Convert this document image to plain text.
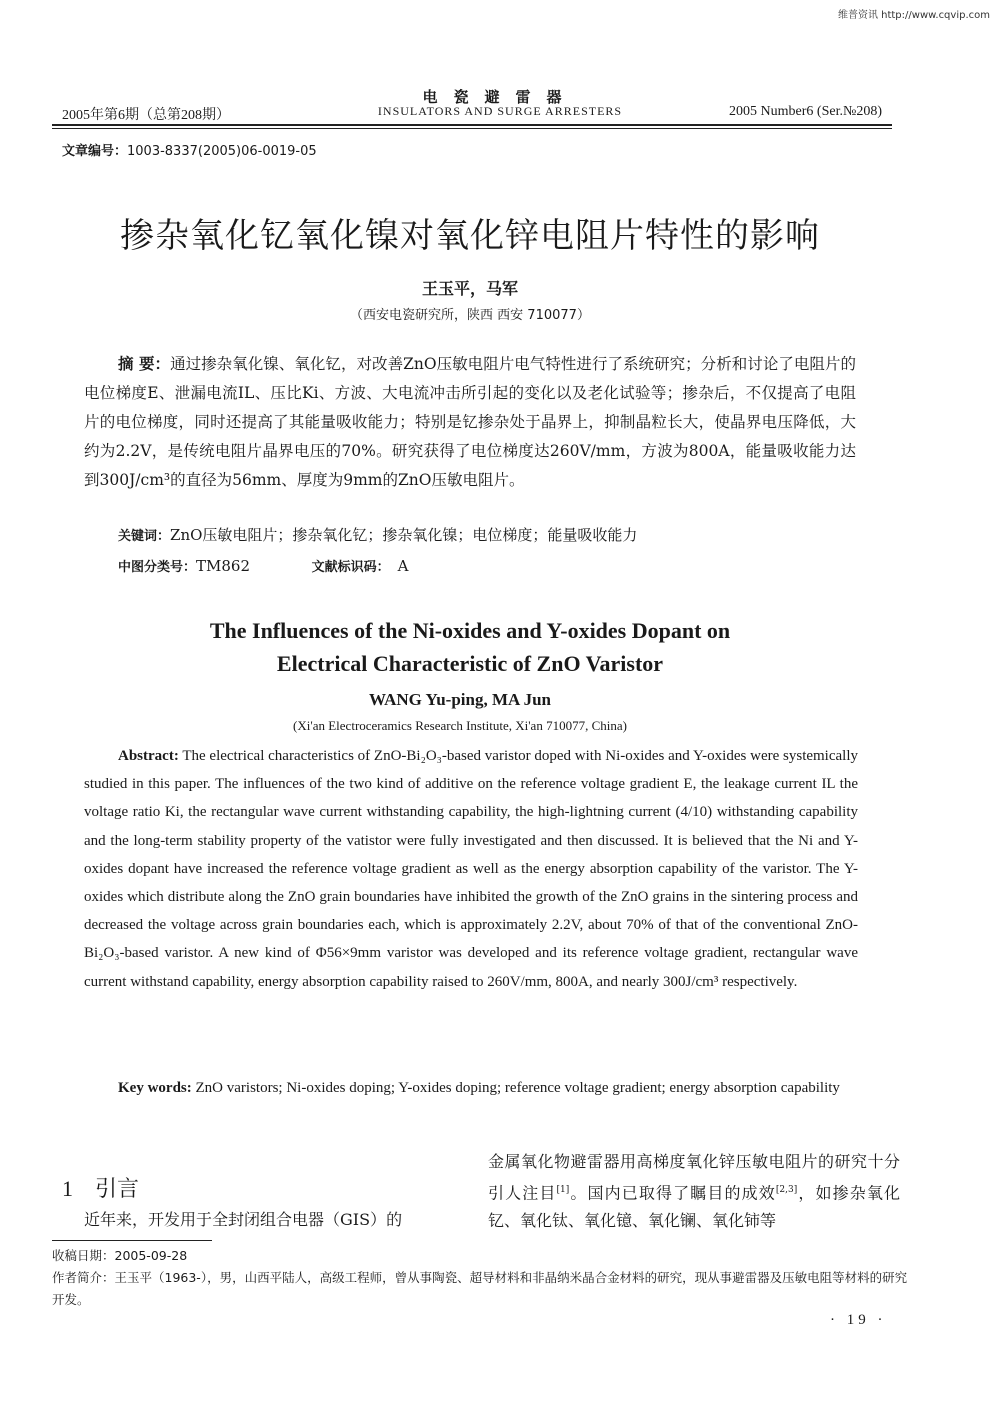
维普资讯 http://www.cqvip.com
电瓷避雷器
INSULATORS AND SURGE ARRESTERS
2005年第6期（总第208期）	2005 Number6 (Ser.№208)
文章编号：1003-8337(2005)06-0019-05
掺杂氧化钇氧化镍对氧化锌电阻片特性的影响
王玉平，马军
（西安电瓷研究所，陕西 西安 710077）
摘 要：通过掺杂氧化镍、氧化钇，对改善ZnO压敏电阻片电气特性进行了系统研究；分析和讨论了电阻片的电位梯度E、泄漏电流IL、压比Ki、方波、大电流冲击所引起的变化以及老化试验等；掺杂后，不仅提高了电阻片的电位梯度，同时还提高了其能量吸收能力；特别是钇掺杂处于晶界上，抑制晶粒长大，使晶界电压降低，大约为2.2V，是传统电阻片晶界电压的70%。研究获得了电位梯度达260V/mm，方波为800A，能量吸收能力达到300J/cm³的直径为56mm、厚度为9mm的ZnO压敏电阻片。
关键词：ZnO压敏电阻片；掺杂氧化钇；掺杂氧化镍；电位梯度；能量吸收能力
中图分类号：TM862	文献标识码： A
The Influences of the Ni-oxides and Y-oxides Dopant on
Electrical Characteristic of ZnO Varistor
WANG Yu-ping, MA Jun
(Xi'an Electroceramics Research Institute, Xi'an 710077, China)
Abstract: The electrical characteristics of ZnO-Bi₂O₃-based varistor doped with Ni-oxides and Y-oxides were systemically studied in this paper. The influences of the two kind of additive on the reference voltage gradient E, the leakage current IL the voltage ratio Ki, the rectangular wave current withstanding capability, the high-lightning current (4/10) withstanding capability and the long-term stability property of the vatistor were fully investigated and then discussed. It is believed that the Ni and Y-oxides dopant have increased the reference voltage gradient as well as the energy absorption capability of the varistor. The Y-oxides which distribute along the ZnO grain boundaries have inhibited the growth of the ZnO grains in the sintering process and decreased the voltage across grain boundaries each, which is approximately 2.2V, about 70% of that of the conventional ZnO-Bi₂O₃-based varistor. A new kind of Φ56×9mm varistor was developed and its reference voltage gradient, rectangular wave current withstand capability, energy absorption capability raised to 260V/mm, 800A, and nearly 300J/cm³ respectively.
Key words: ZnO varistors; Ni-oxides doping; Y-oxides doping; reference voltage gradient; energy absorption capability
1 引言
近年来，开发用于全封闭组合电器（GIS）的
金属氧化物避雷器用高梯度氧化锌压敏电阻片的研究十分引人注目[1]。国内已取得了瞩目的成效[2,3]，如掺杂氧化钇、氧化钛、氧化镱、氧化镧、氧化铈等
收稿日期：2005-09-28
作者简介：王玉平（1963-），男，山西平陆人，高级工程师，曾从事陶瓷、超导材料和非晶纳米晶合金材料的研究，现从事避雷器及压敏电阻等材料的研究开发。
· 19 ·
